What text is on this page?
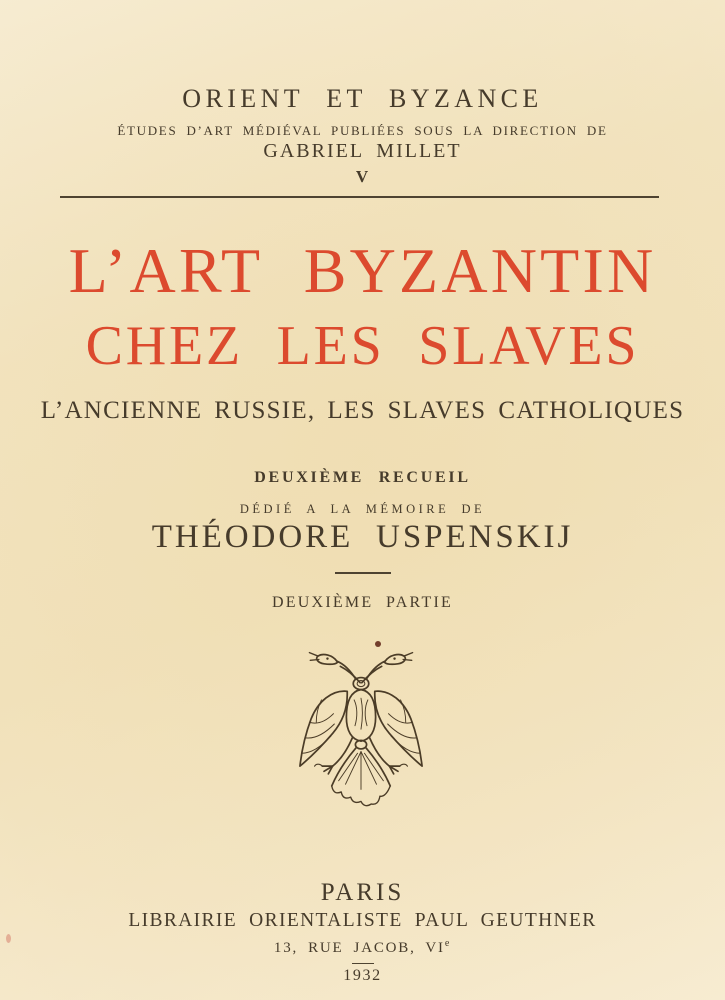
ORIENT ET BYZANCE
ÉTUDES D’ART MÉDIÉVAL PUBLIÉES SOUS LA DIRECTION DE
GABRIEL MILLET
V
L’ART BYZANTIN
CHEZ LES SLAVES
L’ANCIENNE RUSSIE, LES SLAVES CATHOLIQUES
DEUXIÈME RECUEIL
DÉDIÉ A LA MÉMOIRE DE
THÉODORE USPENSKIJ
DEUXIÈME PARTIE
PARIS
LIBRAIRIE ORIENTALISTE PAUL GEUTHNER
13, RUE JACOB, VIe
1932
